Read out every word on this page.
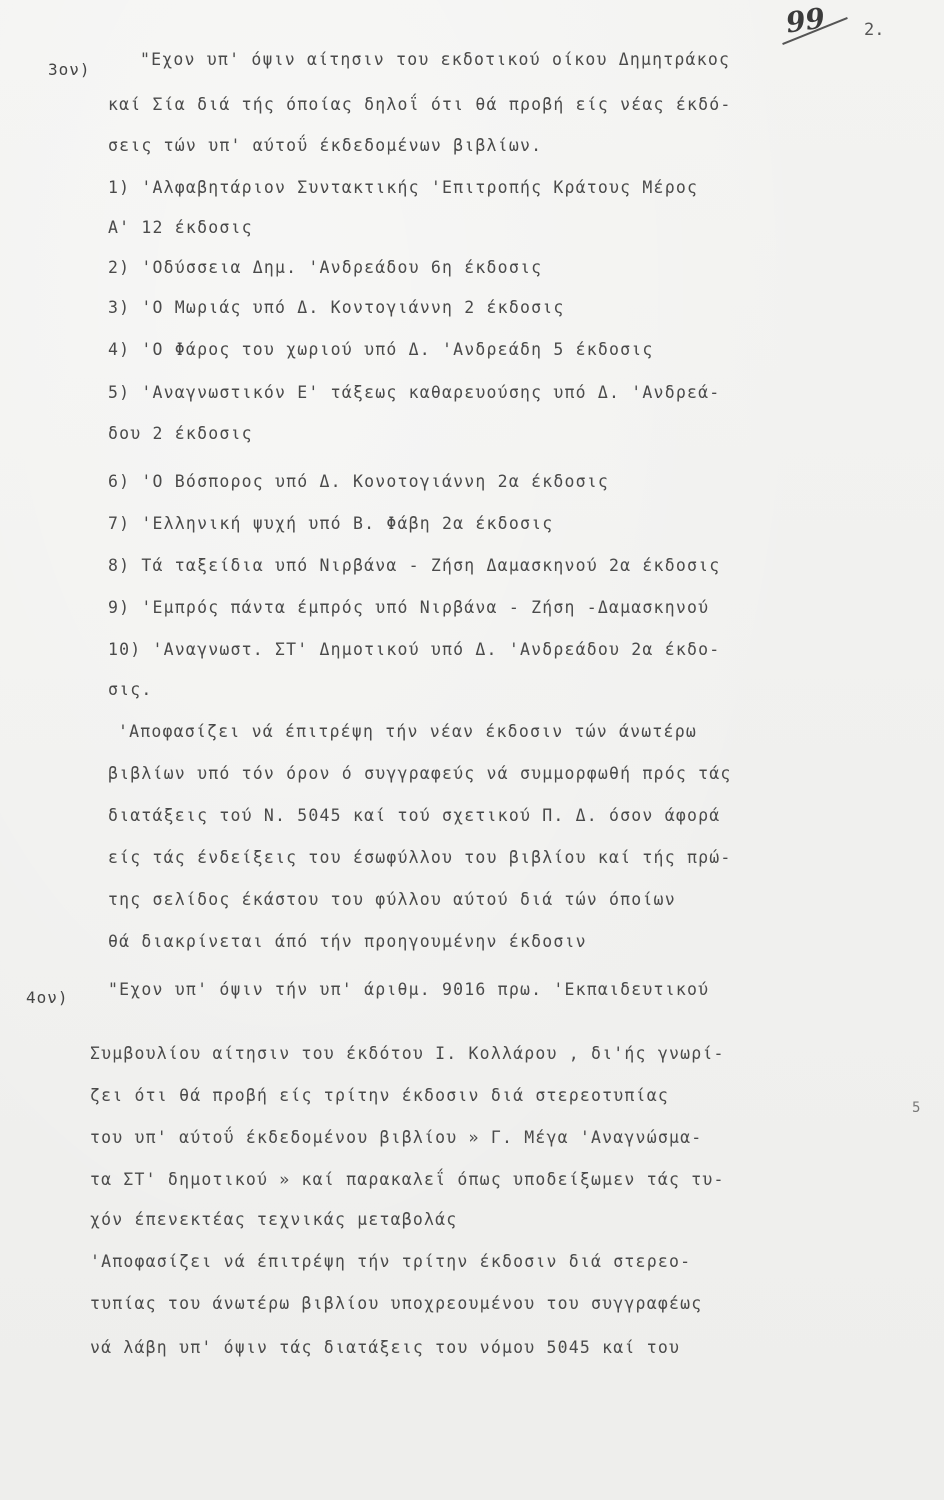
99 2.
3ον)
"Εχον υπ' όψιν αίτησιν του εκδοτικού οίκου Δημητράκος
καί Σία διά τής όποίας δηλοΐ ότι θά προβή είς νέας έκδό-
σεις τών υπ' αύτοΰ έκδεδομένων βιβλίων.
1) 'Αλφαβητάριον Συντακτικής 'Επιτροπής Κράτους Μέρος
Α' 12 έκδοσις
2) 'Οδύσσεια Δημ. 'Ανδρεάδου 6η έκδοσις
3) 'Ο Μωριάς υπό Δ. Κοντογιάννη 2 έκδοσις
4) 'Ο Φάρος του χωριού υπό Δ. 'Ανδρεάδη 5 έκδοσις
5) 'Αναγνωστικόν Ε' τάξεως καθαρευούσης υπό Δ. 'Ανδρεά-
δου 2 έκδοσις
6) 'Ο Βόσπορος υπό Δ. Κονοτογιάννη 2α έκδοσις
7) 'Ελληνική ψυχή υπό Β. Φάβη 2α έκδοσις
8) Τά ταξείδια υπό Νιρβάνα - Ζήση Δαμασκηνού 2α έκδοσις
9) 'Εμπρός πάντα έμπρός υπό Νιρβάνα - Ζήση -Δαμασκηνού
10) 'Αναγνωστ. ΣΤ' Δημοτικού υπό Δ. 'Ανδρεάδου 2α έκδο-
σις.
'Αποφασίζει νά έπιτρέψη τήν νέαν έκδοσιν τών άνωτέρω
βιβλίων υπό τόν όρον ό συγγραφεύς νά συμμορφωθή πρός τάς
διατάξεις τού Ν. 5045 καί τού σχετικού Π. Δ. όσον άφορά
είς τάς ένδείξεις του έσωφύλλου του βιβλίου καί τής πρώ-
της σελίδος έκάστου του φύλλου αύτού διά τών όποίων
θά διακρίνεται άπό τήν προηγουμένην έκδοσιν
4ον) "Εχον υπ' όψιν τήν υπ' άριθμ. 9016 πρω. 'Εκπαιδευτικού
Συμβουλίου αίτησιν του έκδότου Ι. Κολλάρου , δι'ής γνωρί-
ζει ότι θά προβή είς τρίτην έκδοσιν διά στερεοτυπίας
του υπ' αύτοΰ έκδεδομένου βιβλίου » Γ. Μέγα 'Αναγνώσμα-
τα ΣΤ' δημοτικού » καί παρακαλεΐ όπως υποδείξωμεν τάς τυ-
χόν έπενεκτέας τεχνικάς μεταβολάς
'Αποφασίζει νά έπιτρέψη τήν τρίτην έκδοσιν διά στερεο-
τυπίας του άνωτέρω βιβλίου υποχρεουμένου του συγγραφέως
νά λάβη υπ' όψιν τάς διατάξεις του νόμου 5045 καί του
5
